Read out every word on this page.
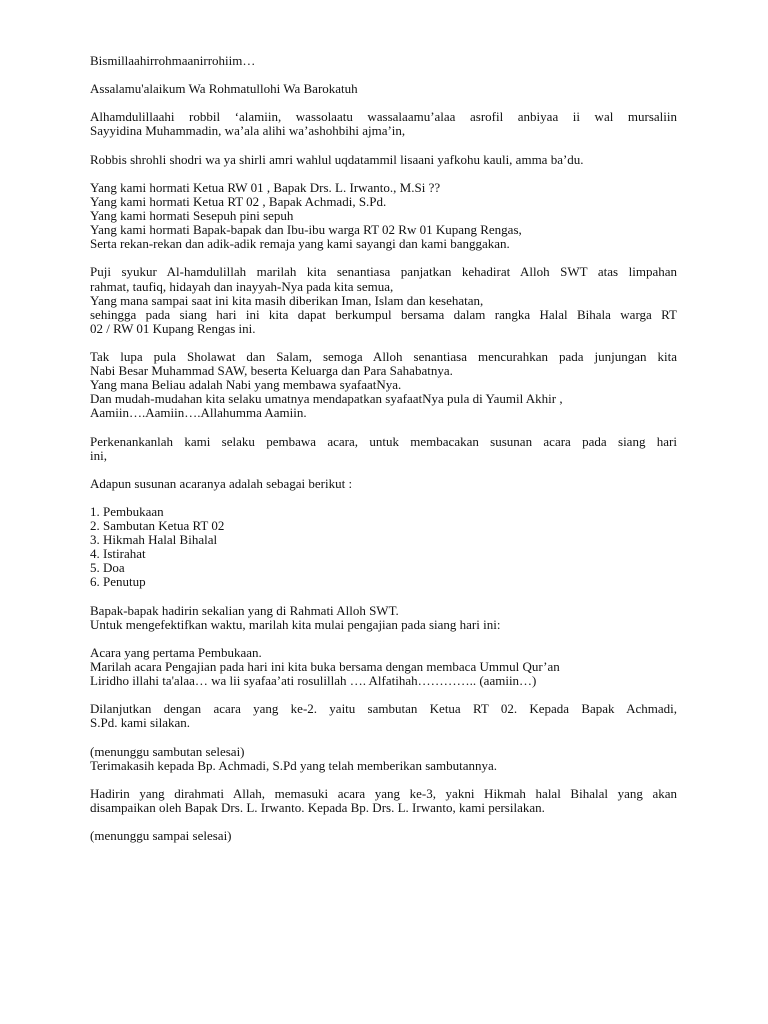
Bismillaahirrohmaanirrohiim…

Assalamu'alaikum Wa Rohmatullohi Wa Barokatuh

Alhamdulillaahi robbil ‘alamiin, wassolaatu wassalaamu’alaa asrofil anbiyaa ii wal mursaliin
Sayyidina Muhammadin, wa’ala alihi wa’ashohbihi ajma’in,

Robbis shrohli shodri wa ya shirli amri wahlul uqdatammil lisaani yafkohu kauli, amma ba’du.

Yang kami hormati Ketua RW 01 , Bapak Drs. L. Irwanto., M.Si ??
Yang kami hormati Ketua RT 02 , Bapak Achmadi, S.Pd.
Yang kami hormati Sesepuh pini sepuh
Yang kami hormati Bapak-bapak dan Ibu-ibu warga RT 02 Rw 01 Kupang Rengas,
Serta rekan-rekan dan adik-adik remaja yang kami sayangi dan kami banggakan.

Puji syukur Al-hamdulillah marilah kita senantiasa panjatkan kehadirat Alloh SWT atas limpahan
rahmat, taufiq, hidayah dan inayyah-Nya pada kita semua,
Yang mana sampai saat ini kita masih diberikan Iman, Islam dan kesehatan,
sehingga pada siang hari ini kita dapat berkumpul bersama dalam rangka Halal Bihala warga RT
02 / RW 01 Kupang Rengas ini.

Tak lupa pula Sholawat dan Salam, semoga Alloh senantiasa mencurahkan pada junjungan kita
Nabi Besar Muhammad SAW, beserta Keluarga dan Para Sahabatnya.
Yang mana Beliau adalah Nabi yang membawa syafaatNya.
Dan mudah-mudahan kita selaku umatnya mendapatkan syafaatNya pula di Yaumil Akhir ,
Aamiin….Aamiin….Allahumma Aamiin.

Perkenankanlah kami selaku pembawa acara, untuk membacakan susunan acara pada siang hari
ini,

Adapun susunan acaranya adalah sebagai berikut :

1. Pembukaan
2. Sambutan Ketua RT 02
3. Hikmah Halal Bihalal
4. Istirahat
5. Doa
6. Penutup

Bapak-bapak hadirin sekalian yang di Rahmati Alloh SWT.
Untuk mengefektifkan waktu, marilah kita mulai pengajian pada siang hari ini:

Acara yang pertama Pembukaan.
Marilah acara Pengajian pada hari ini kita buka bersama dengan membaca Ummul Qur’an
Liridho illahi ta'alaa… wa lii syafaa’ati rosulillah …. Alfatihah………….. (aamiin…)

Dilanjutkan dengan acara yang ke-2. yaitu sambutan Ketua RT 02. Kepada Bapak Achmadi,
S.Pd. kami silakan.

(menunggu sambutan selesai)
Terimakasih kepada Bp. Achmadi, S.Pd yang telah memberikan sambutannya.

Hadirin yang dirahmati Allah, memasuki acara yang ke-3, yakni Hikmah halal Bihalal yang akan
disampaikan oleh Bapak Drs. L. Irwanto. Kepada Bp. Drs. L. Irwanto, kami persilakan.

(menunggu sampai selesai)
